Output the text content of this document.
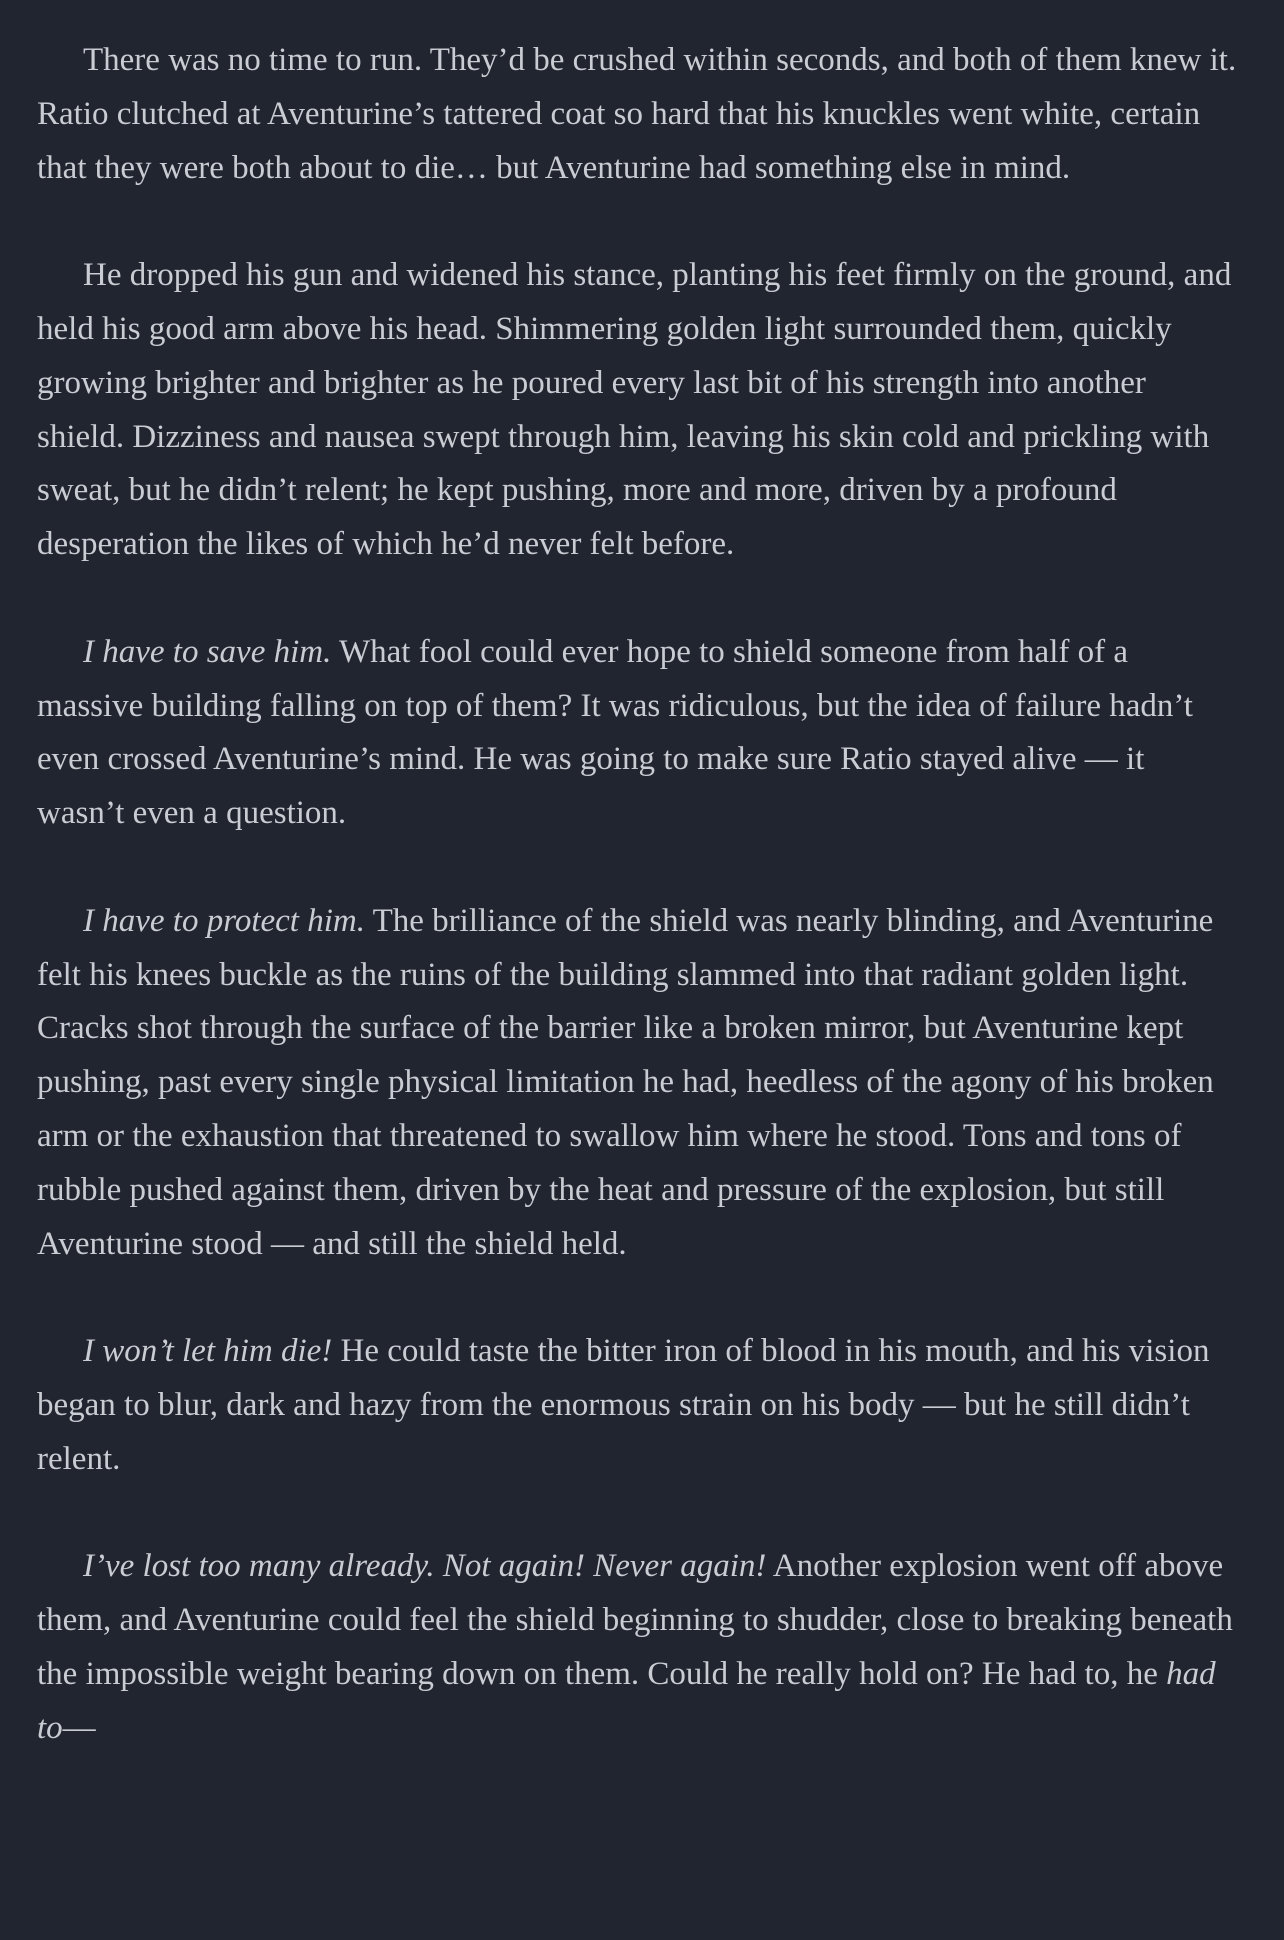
There was no time to run. They’d be crushed within seconds, and both of them knew it. Ratio clutched at Aventurine’s tattered coat so hard that his knuckles went white, certain that they were both about to die… but Aventurine had something else in mind.

He dropped his gun and widened his stance, planting his feet firmly on the ground, and held his good arm above his head. Shimmering golden light surrounded them, quickly growing brighter and brighter as he poured every last bit of his strength into another shield. Dizziness and nausea swept through him, leaving his skin cold and prickling with sweat, but he didn’t relent; he kept pushing, more and more, driven by a profound desperation the likes of which he’d never felt before.

I have to save him. What fool could ever hope to shield someone from half of a massive building falling on top of them? It was ridiculous, but the idea of failure hadn’t even crossed Aventurine’s mind. He was going to make sure Ratio stayed alive — it wasn’t even a question.

I have to protect him. The brilliance of the shield was nearly blinding, and Aventurine felt his knees buckle as the ruins of the building slammed into that radiant golden light. Cracks shot through the surface of the barrier like a broken mirror, but Aventurine kept pushing, past every single physical limitation he had, heedless of the agony of his broken arm or the exhaustion that threatened to swallow him where he stood. Tons and tons of rubble pushed against them, driven by the heat and pressure of the explosion, but still Aventurine stood — and still the shield held.

I won’t let him die! He could taste the bitter iron of blood in his mouth, and his vision began to blur, dark and hazy from the enormous strain on his body — but he still didn’t relent.

I’ve lost too many already. Not again! Never again! Another explosion went off above them, and Aventurine could feel the shield beginning to shudder, close to breaking beneath the impossible weight bearing down on them. Could he really hold on? He had to, he had to—
